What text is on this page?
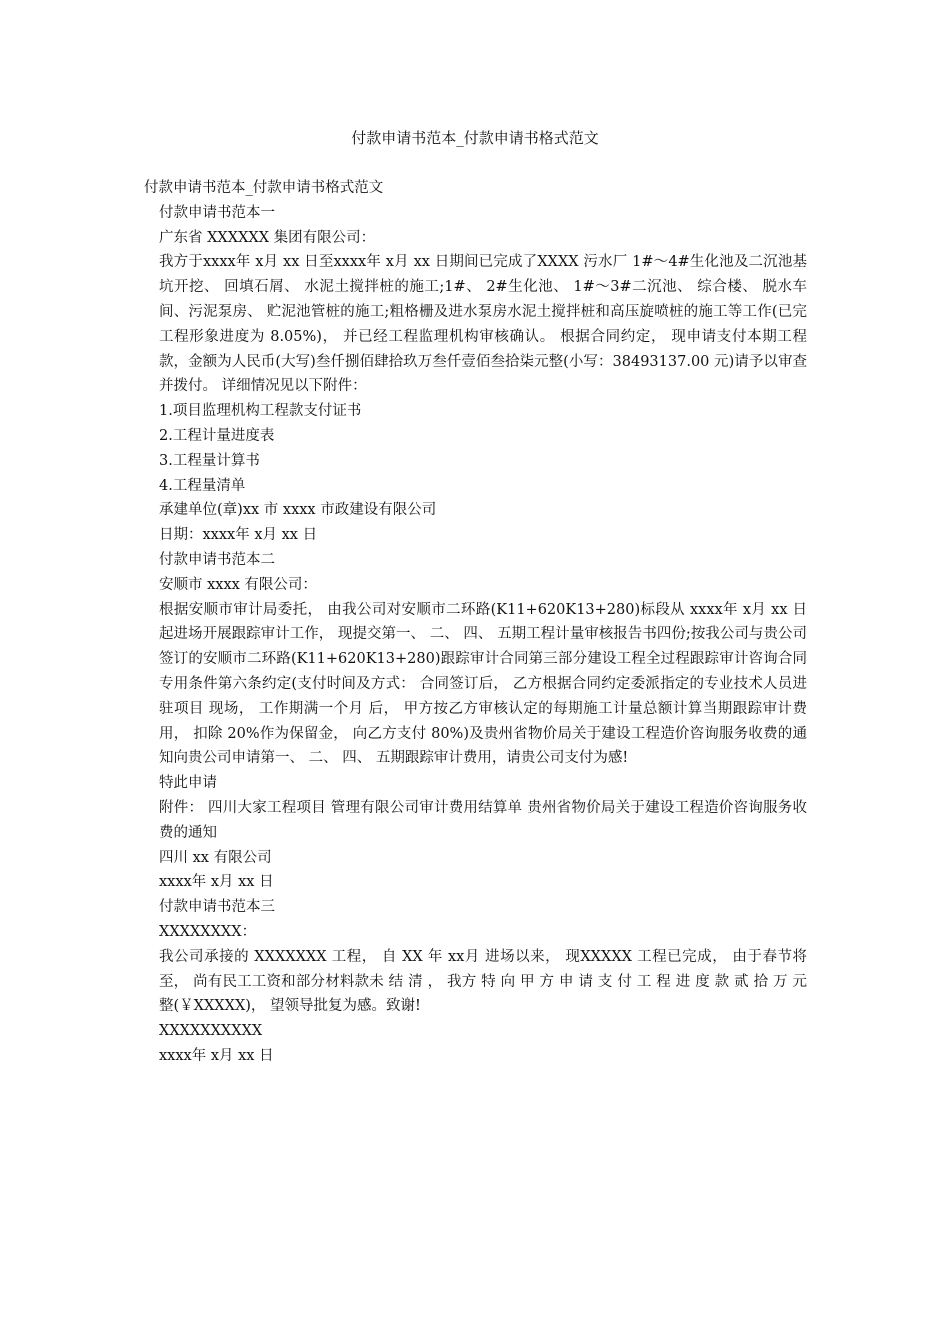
付款申请书范本_付款申请书格式范文

付款申请书范本_付款申请书格式范文

付款申请书范本一

广东省 XXXXXX 集团有限公司：

我方于xxxx年 x月 xx 日至xxxx年 x月 xx 日期间已完成了XXXX 污水厂 1#～4#生化池及二沉池基坑开挖、 回填石屑、 水泥土搅拌桩的施工;1#、 2#生化池、 1#～3#二沉池、 综合楼、 脱水车间、污泥泵房、 贮泥池管桩的施工;粗格栅及进水泵房水泥土搅拌桩和高压旋喷桩的施工等工作(已完工程形象进度为 8.05%)， 并已经工程监理机构审核确认。 根据合同约定， 现申请支付本期工程款，金额为人民币(大写)叁仟捌佰肆拾玖万叁仟壹佰叁拾柒元整(小写：38493137.00 元)请予以审查并拨付。 详细情况见以下附件：

1.项目监理机构工程款支付证书

2.工程计量进度表

3.工程量计算书

4.工程量清单

承建单位(章)xx 市 xxxx 市政建设有限公司

日期：xxxx年 x月 xx 日

付款申请书范本二

安顺市 xxxx 有限公司：

根据安顺市审计局委托， 由我公司对安顺市二环路(K11+620K13+280)标段从 xxxx年 x月 xx 日起进场开展跟踪审计工作， 现提交第一、 二、 四、 五期工程计量审核报告书四份;按我公司与贵公司签订的安顺市二环路(K11+620K13+280)跟踪审计合同第三部分建设工程全过程跟踪审计咨询合同专用条件第六条约定(支付时间及方式： 合同签订后， 乙方根据合同约定委派指定的专业技术人员进驻项目 现场， 工作期满一个月 后， 甲方按乙方审核认定的每期施工计量总额计算当期跟踪审计费用， 扣除 20%作为保留金， 向乙方支付 80%)及贵州省物价局关于建设工程造价咨询服务收费的通知向贵公司申请第一、 二、 四、 五期跟踪审计费用，请贵公司支付为感!

特此申请

附件： 四川大家工程项目 管理有限公司审计费用结算单 贵州省物价局关于建设工程造价咨询服务收费的通知

四川 xx 有限公司

xxxx年 x月 xx 日

付款申请书范本三

XXXXXXXX：

我公司承接的 XXXXXXX 工程， 自 XX 年 xx月 进场以来， 现XXXXX 工程已完成， 由于春节将至， 尚有民工工资和部分材料款未 结 清 ， 我方 特 向 甲 方 申 请 支 付 工 程 进 度 款 贰 拾 万 元 整(￥XXXXX)， 望领导批复为感。致谢!

XXXXXXXXXX

xxxx年 x月 xx 日
